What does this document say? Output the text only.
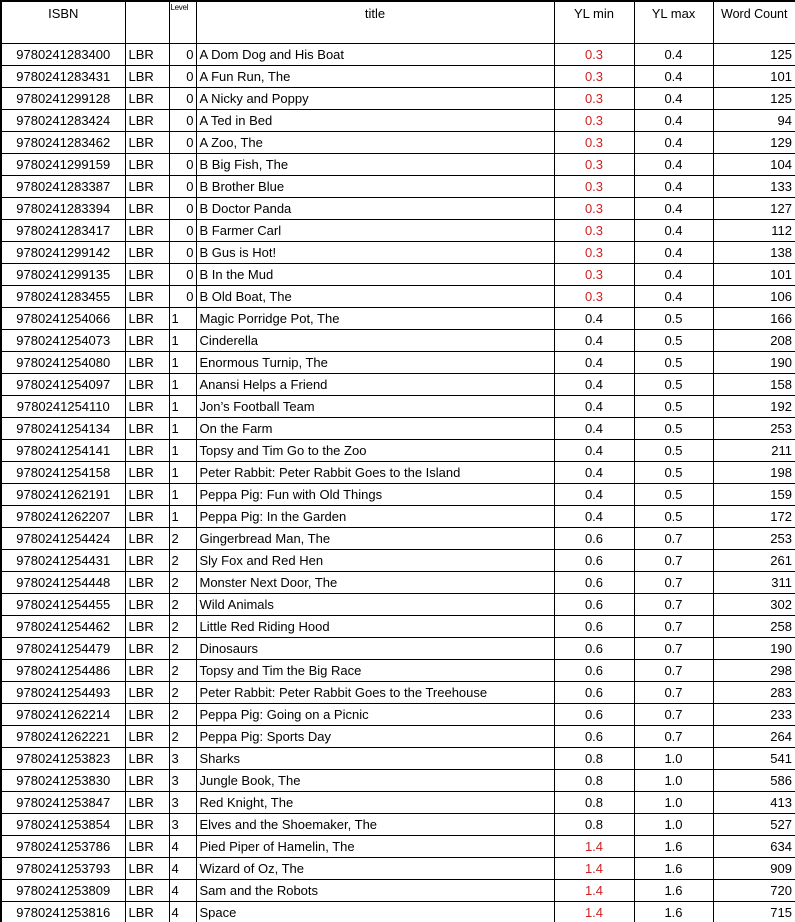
ISBN		Level	title	YL min	YL max	Word Count
9780241283400	LBR	0	A Dom Dog and His Boat	0.3	0.4	125
9780241283431	LBR	0	A Fun Run, The	0.3	0.4	101
9780241299128	LBR	0	A Nicky and Poppy	0.3	0.4	125
9780241283424	LBR	0	A Ted in Bed	0.3	0.4	94
9780241283462	LBR	0	A Zoo, The	0.3	0.4	129
9780241299159	LBR	0	B Big Fish, The	0.3	0.4	104
9780241283387	LBR	0	B Brother Blue	0.3	0.4	133
9780241283394	LBR	0	B Doctor Panda	0.3	0.4	127
9780241283417	LBR	0	B Farmer Carl	0.3	0.4	112
9780241299142	LBR	0	B Gus is Hot!	0.3	0.4	138
9780241299135	LBR	0	B In the Mud	0.3	0.4	101
9780241283455	LBR	0	B Old Boat, The	0.3	0.4	106
9780241254066	LBR	1	Magic Porridge Pot, The	0.4	0.5	166
9780241254073	LBR	1	Cinderella	0.4	0.5	208
9780241254080	LBR	1	Enormous Turnip, The	0.4	0.5	190
9780241254097	LBR	1	Anansi Helps a Friend	0.4	0.5	158
9780241254110	LBR	1	Jon’s Football Team	0.4	0.5	192
9780241254134	LBR	1	On the Farm	0.4	0.5	253
9780241254141	LBR	1	Topsy and Tim Go to the Zoo	0.4	0.5	211
9780241254158	LBR	1	Peter Rabbit: Peter Rabbit Goes to the Island	0.4	0.5	198
9780241262191	LBR	1	Peppa Pig: Fun with Old Things	0.4	0.5	159
9780241262207	LBR	1	Peppa Pig: In the Garden	0.4	0.5	172
9780241254424	LBR	2	Gingerbread Man, The	0.6	0.7	253
9780241254431	LBR	2	Sly Fox and Red Hen	0.6	0.7	261
9780241254448	LBR	2	Monster Next Door, The	0.6	0.7	311
9780241254455	LBR	2	Wild Animals	0.6	0.7	302
9780241254462	LBR	2	Little Red Riding Hood	0.6	0.7	258
9780241254479	LBR	2	Dinosaurs	0.6	0.7	190
9780241254486	LBR	2	Topsy and Tim the Big Race	0.6	0.7	298
9780241254493	LBR	2	Peter Rabbit: Peter Rabbit Goes to the Treehouse	0.6	0.7	283
9780241262214	LBR	2	Peppa Pig: Going on a Picnic	0.6	0.7	233
9780241262221	LBR	2	Peppa Pig: Sports Day	0.6	0.7	264
9780241253823	LBR	3	Sharks	0.8	1.0	541
9780241253830	LBR	3	Jungle Book, The	0.8	1.0	586
9780241253847	LBR	3	Red Knight, The	0.8	1.0	413
9780241253854	LBR	3	Elves and the Shoemaker, The	0.8	1.0	527
9780241253786	LBR	4	Pied Piper of Hamelin, The	1.4	1.6	634
9780241253793	LBR	4	Wizard of Oz, The	1.4	1.6	909
9780241253809	LBR	4	Sam and the Robots	1.4	1.6	720
9780241253816	LBR	4	Space	1.4	1.6	715
